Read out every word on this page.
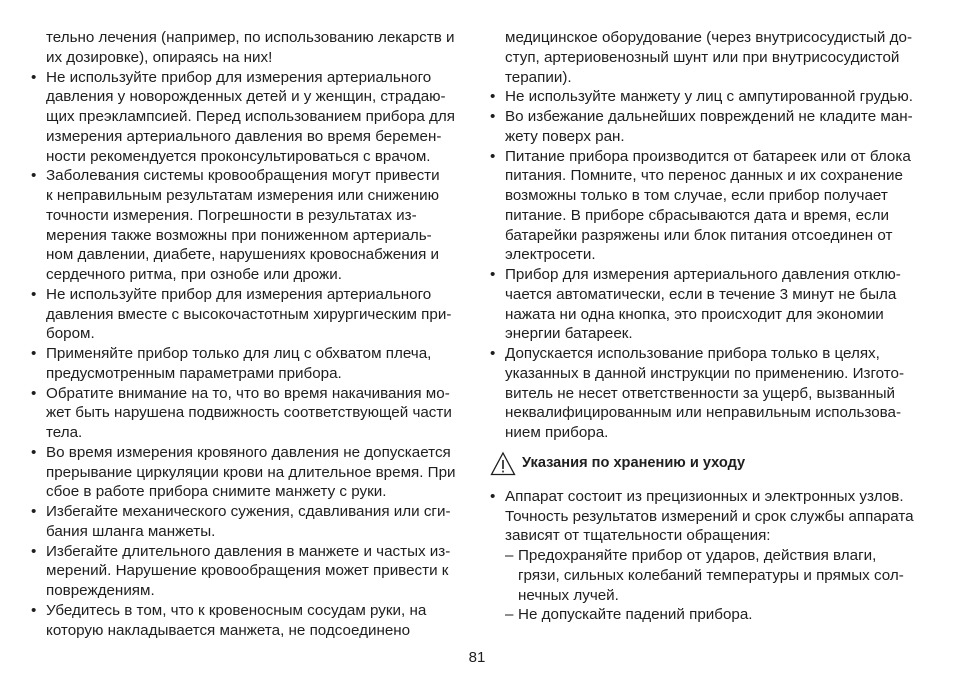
тельно лечения (например, по использованию лекарств и
их дозировке), опираясь на них!
• Не используйте прибор для измерения артериального
давления у новорожденных детей и у женщин, страдаю-
щих преэклампсией. Перед использованием прибора для
измерения артериального давления во время беремен-
ности рекомендуется проконсультироваться с врачом.
• Заболевания системы кровообращения могут привести
к неправильным результатам измерения или снижению
точности измерения. Погрешности в результатах из-
мерения также возможны при пониженном артериаль-
ном давлении, диабете, нарушениях кровоснабжения и
сердечного ритма, при ознобе или дрожи.
• Не используйте прибор для измерения артериального
давления вместе с высокочастотным хирургическим при-
бором.
• Применяйте прибор только для лиц с обхватом плеча,
предусмотренным параметрами прибора.
• Обратите внимание на то, что во время накачивания мо-
жет быть нарушена подвижность соответствующей части
тела.
• Во время измерения кровяного давления не допускается
прерывание циркуляции крови на длительное время. При
сбое в работе прибора снимите манжету с руки.
• Избегайте механического сужения, сдавливания или сги-
бания шланга манжеты.
• Избегайте длительного давления в манжете и частых из-
мерений. Нарушение кровообращения может привести к
повреждениям.
• Убедитесь в том, что к кровеносным сосудам руки, на
которую накладывается манжета, не подсоединено
медицинское оборудование (через внутрисосудистый до-
ступ, артериовенозный шунт или при внутрисосудистой
терапии).
• Не используйте манжету у лиц с ампутированной грудью.
• Во избежание дальнейших повреждений не кладите ман-
жету поверх ран.
• Питание прибора производится от батареек или от блока
питания. Помните, что перенос данных и их сохранение
возможны только в том случае, если прибор получает
питание. В приборе сбрасываются дата и время, если
батарейки разряжены или блок питания отсоединен от
электросети.
• Прибор для измерения артериального давления отклю-
чается автоматически, если в течение 3 минут не была
нажата ни одна кнопка, это происходит для экономии
энергии батареек.
• Допускается использование прибора только в целях,
указанных в данной инструкции по применению. Изгото-
витель не несет ответственности за ущерб, вызванный
неквалифицированным или неправильным использова-
нием прибора.
Указания по хранению и уходу
• Аппарат состоит из прецизионных и электронных узлов.
Точность результатов измерений и срок службы аппарата
зависят от тщательности обращения:
– Предохраняйте прибор от ударов, действия влаги,
грязи, сильных колебаний температуры и прямых сол-
нечных лучей.
– Не допускайте падений прибора.
81
